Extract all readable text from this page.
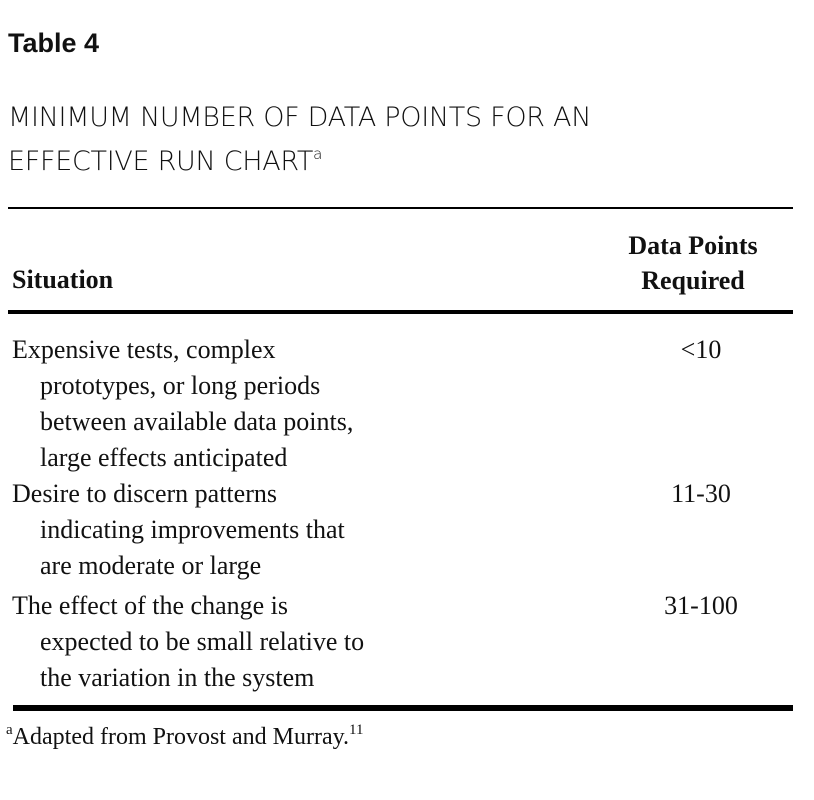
Table 4
MINIMUM NUMBER OF DATA POINTS FOR AN
EFFECTIVE RUN CHART$^a$
Situation
Data Points
Required
Expensive tests, complex
prototypes, or long periods
between available data points,
large effects anticipated
<10
Desire to discern patterns
indicating improvements that
are moderate or large
11-30
The effect of the change is
expected to be small relative to
the variation in the system
31-100
$^a$Adapted from Provost and Murray.$^{11}$
